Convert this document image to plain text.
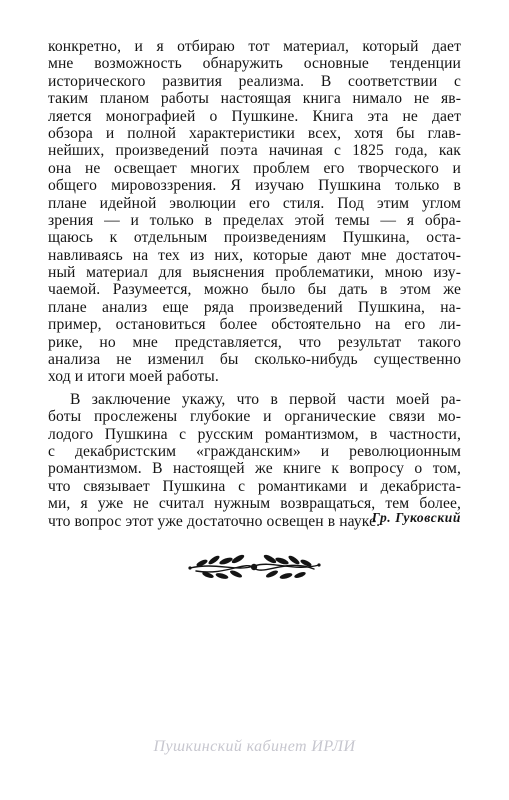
конкретно, и я отбираю тот материал, который дает
мне возможность обнаружить основные тенденции
исторического развития реализма. В соответствии с
таким планом работы настоящая книга нимало не яв-
ляется монографией о Пушкине. Книга эта не дает
обзора и полной характеристики всех, хотя бы глав-
нейших, произведений поэта начиная с 1825 года, как
она не освещает многих проблем его творческого и
общего мировоззрения. Я изучаю Пушкина только в
плане идейной эволюции его стиля. Под этим углом
зрения — и только в пределах этой темы — я обра-
щаюсь к отдельным произведениям Пушкина, оста-
навливаясь на тех из них, которые дают мне достаточ-
ный материал для выяснения проблематики, мною изу-
чаемой. Разумеется, можно было бы дать в этом же
плане анализ еще ряда произведений Пушкина, на-
пример, остановиться более обстоятельно на его ли-
рике, но мне представляется, что результат такого
анализа не изменил бы сколько-нибудь существенно
ход и итоги моей работы.
В заключение укажу, что в первой части моей ра-
боты прослежены глубокие и органические связи мо-
лодого Пушкина с русским романтизмом, в частности,
с декабристским «гражданским» и революционным
романтизмом. В настоящей же книге к вопросу о том,
что связывает Пушкина с романтиками и декабриста-
ми, я уже не считал нужным возвращаться, тем более,
что вопрос этот уже достаточно освещен в науке.
Гр. Гуковский
Пушкинский кабинет ИРЛИ
